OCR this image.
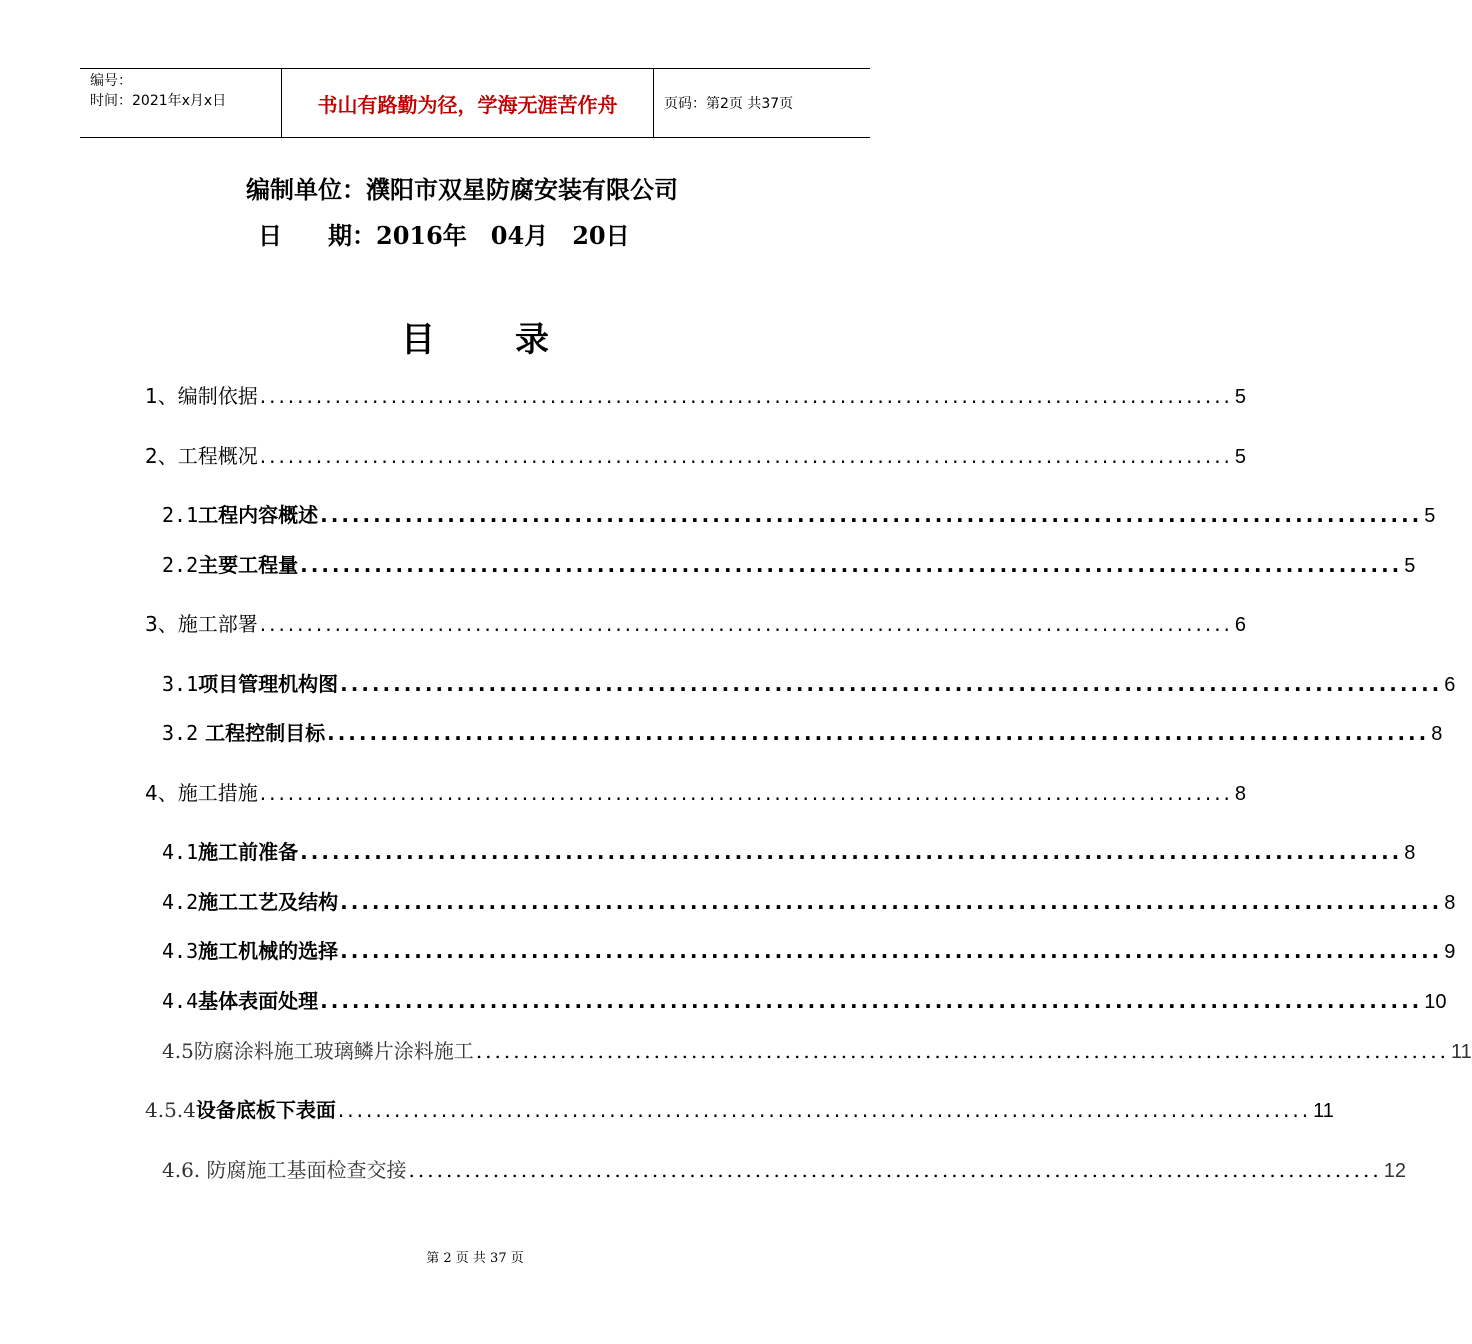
编号：
时间：2021年x月x日	书山有路勤为径，学海无涯苦作舟	页码：第2页 共37页
编制单位：濮阳市双星防腐安装有限公司
日 期：2016年　04月　20日
目录
1、编制依据 ........................................................................................................ 5
2、工程概况 ........................................................................................................ 5
2.1工程内容概述 ........................................................................................................ 5
2.2主要工程量 ........................................................................................................ 5
3、施工部署 ........................................................................................................ 6
3.1项目管理机构图 ........................................................................................................ 6
3.2 工程控制目标 ........................................................................................................ 8
4、施工措施 ........................................................................................................ 8
4.1施工前准备 ........................................................................................................ 8
4.2施工工艺及结构 ........................................................................................................ 8
4.3施工机械的选择 ........................................................................................................ 9
4.4基体表面处理 ........................................................................................................ 10
4.5防腐涂料施工玻璃鳞片涂料施工 ........................................................................................................ 11
4.5.4设备底板下表面 ........................................................................................................ 11
4.6. 防腐施工基面检查交接 ........................................................................................................ 12
第 2 页 共 37 页
